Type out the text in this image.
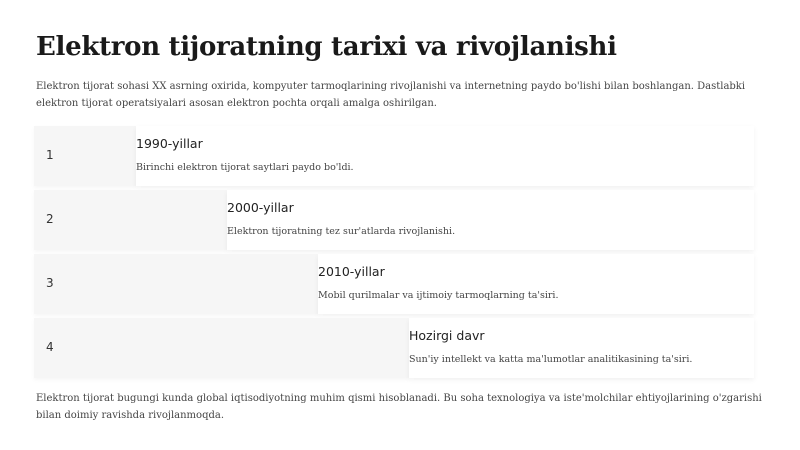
Elektron tijoratning tarixi va rivojlanishi

Elektron tijorat sohasi XX asrning oxirida, kompyuter tarmoqlarining rivojlanishi va internetning paydo bo'lishi bilan boshlangan. Dastlabki elektron tijorat operatsiyalari asosan elektron pochta orqali amalga oshirilgan.

1
1990-yillar
Birinchi elektron tijorat saytlari paydo bo'ldi.
2
2000-yillar
Elektron tijoratning tez sur'atlarda rivojlanishi.
3
2010-yillar
Mobil qurilmalar va ijtimoiy tarmoqlarning ta'siri.
4
Hozirgi davr
Sun'iy intellekt va katta ma'lumotlar analitikasining ta'siri.

Elektron tijorat bugungi kunda global iqtisodiyotning muhim qismi hisoblanadi. Bu soha texnologiya va iste'molchilar ehtiyojlarining o'zgarishi bilan doimiy ravishda rivojlanmoqda.
